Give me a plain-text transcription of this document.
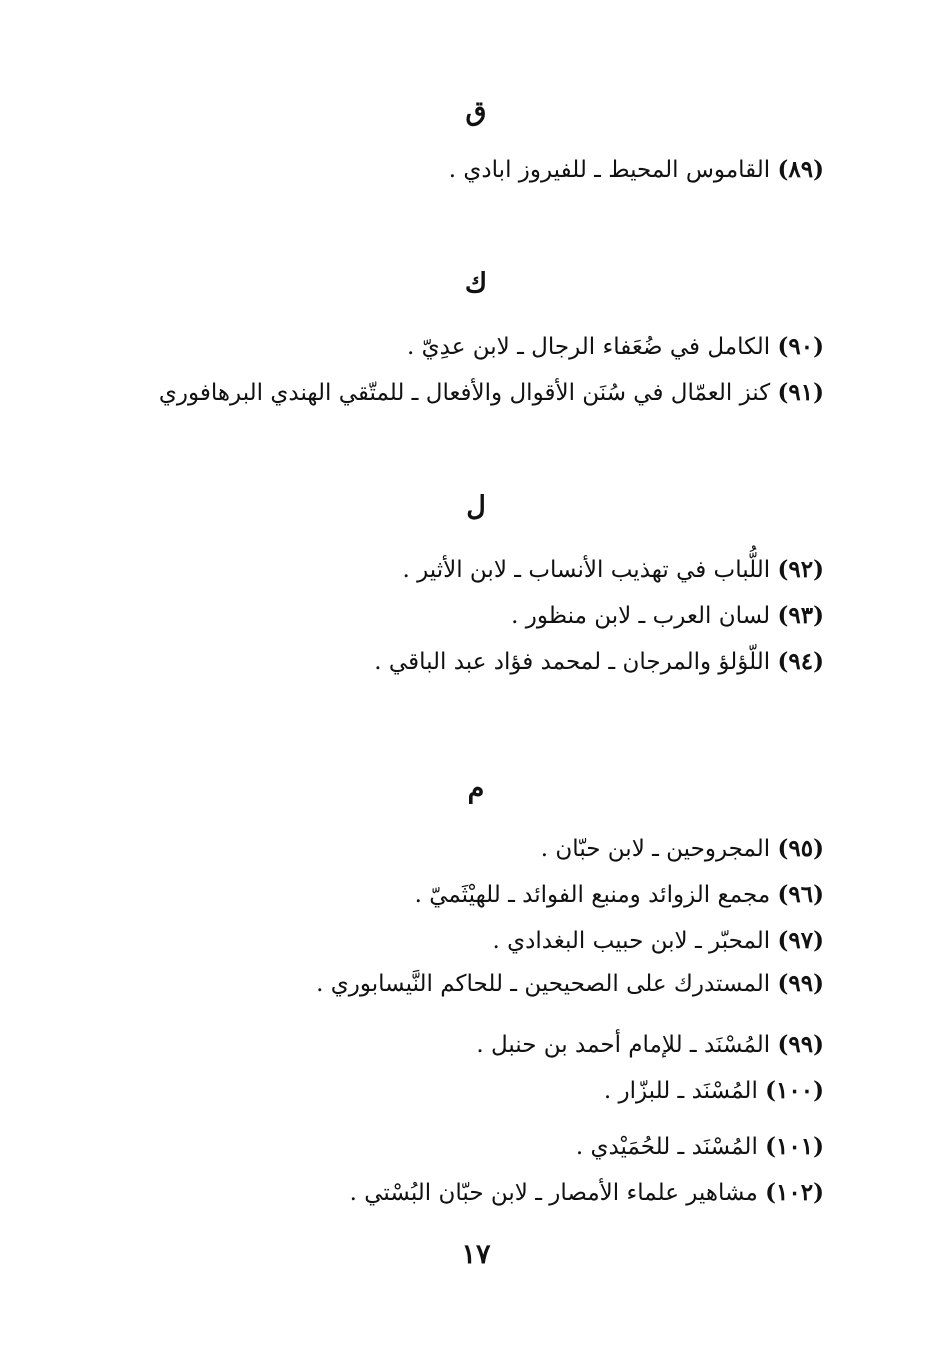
ق
(٨٩) القاموس المحيط ـ للفيروز ابادي .
ك
(٩٠) الكامل في ضُعَفاء الرجال ـ لابن عدِيّ .
(٩١) كنز العمّال في سُنَن الأقوال والأفعال ـ للمتّقي الهندي البرهافوري
ل
(٩٢) اللُّباب في تهذيب الأنساب ـ لابن الأثير .
(٩٣) لسان العرب ـ لابن منظور .
(٩٤) اللّؤلؤ والمرجان ـ لمحمد فؤاد عبد الباقي .
م
(٩٥) المجروحين ـ لابن حبّان .
(٩٦) مجمع الزوائد ومنبع الفوائد ـ للهيْثَميّ .
(٩٧) المحبّر ـ لابن حبيب البغدادي .
(٩٩) المستدرك على الصحيحين ـ للحاكم النَّيسابوري .
(٩٩) المُسْنَد ـ للإمام أحمد بن حنبل .
(١٠٠) المُسْنَد ـ للبزّار .
(١٠١) المُسْنَد ـ للحُمَيْدي .
(١٠٢) مشاهير علماء الأمصار ـ لابن حبّان البُسْتي .
١٧
